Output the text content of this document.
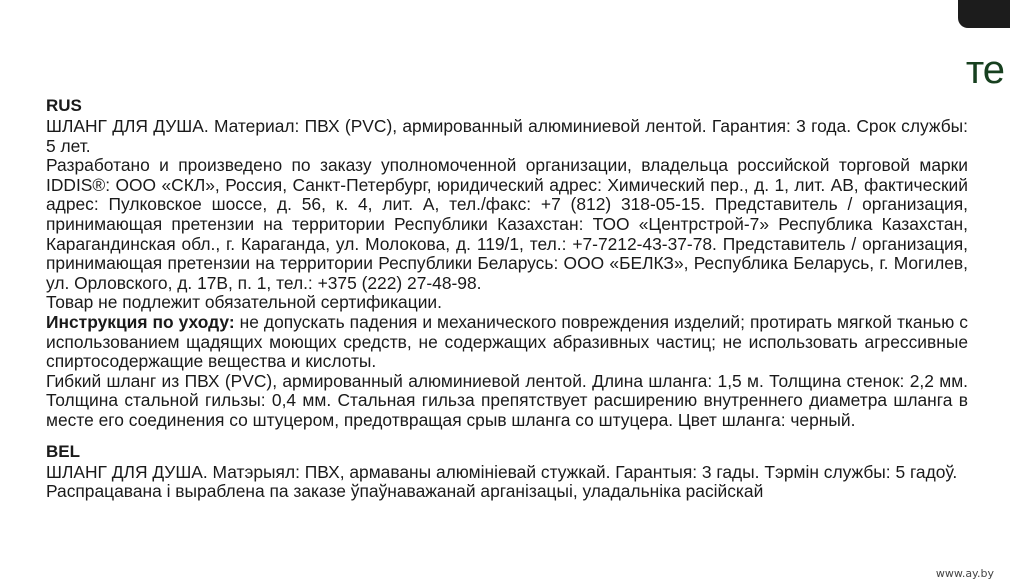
те
RUS

ШЛАНГ ДЛЯ ДУША. Материал: ПВХ (PVC), армированный алюминиевой лентой. Гарантия: 3 года. Срок службы: 5 лет.

Разработано и произведено по заказу уполномоченной организации, владельца российской торговой марки IDDIS®: ООО «СКЛ», Россия, Санкт-Петербург, юридический адрес: Химический пер., д. 1, лит. АВ, фактический адрес: Пулковское шоссе, д. 56, к. 4, лит. А, тел./факс: +7 (812) 318-05-15. Представитель / организация, принимающая претензии на территории Республики Казахстан: ТОО «Центрстрой-7» Республика Казахстан, Карагандинская обл., г. Караганда, ул. Молокова, д. 119/1, тел.: +7-7212-43-37-78. Представитель / организация, принимающая претензии на территории Республики Беларусь: ООО «БЕЛКЗ», Республика Беларусь, г. Могилев, ул. Орловского, д. 17В, п. 1, тел.: +375 (222) 27-48-98.

Товар не подлежит обязательной сертификации.

Инструкция по уходу: не допускать падения и механического повреждения изделий; протирать мягкой тканью с использованием щадящих моющих средств, не содержащих абразивных частиц; не использовать агрессивные спиртосодержащие вещества и кислоты.

Гибкий шланг из ПВХ (PVC), армированный алюминиевой лентой. Длина шланга: 1,5 м. Толщина стенок: 2,2 мм. Толщина стальной гильзы: 0,4 мм. Стальная гильза препятствует расширению внутреннего диаметра шланга в месте его соединения со штуцером, предотвращая срыв шланга со штуцера. Цвет шланга: черный.

BEL

ШЛАНГ ДЛЯ ДУША. Матэрыял: ПВХ, армаваны алюмініевай стужкай. Гарантыя: 3 гады. Тэрмін службы: 5 гадоў.

Распрацавана і выраблена па заказе ўпаўнаважанай арганізацыі, уладальніка расійскай

www.ay.by
